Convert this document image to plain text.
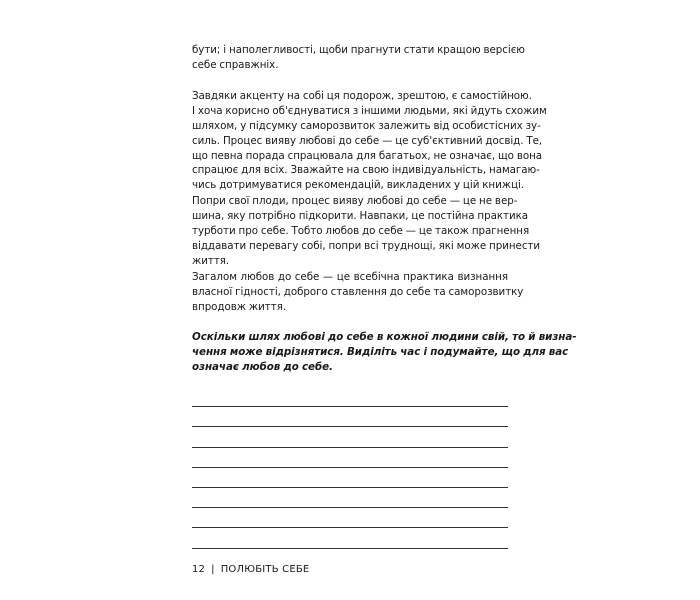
бути; і наполегливості, щоби прагнути стати кращою версією
себе справжніх.
Завдяки акценту на собі ця подорож, зрештою, є самостійною.
І хоча корисно об'єднуватися з іншими людьми, які йдуть схожим
шляхом, у підсумку саморозвиток залежить від особистісних зу-
силь. Процес вияву любові до себе — це суб'єктивний досвід. Те,
що певна порада спрацювала для багатьох, не означає, що вона
спрацює для всіх. Зважайте на свою індивідуальність, намагаю-
чись дотримуватися рекомендацій, викладених у цій книжці.
Попри свої плоди, процес вияву любові до себе — це не вер-
шина, яку потрібно підкорити. Навпаки, це постійна практика
турботи про себе. Тобто любов до себе — це також прагнення
віддавати перевагу собі, попри всі труднощі, які може принести
життя.
Загалом любов до себе — це всебічна практика визнання
власної гідності, доброго ставлення до себе та саморозвитку
впродовж життя.
Оскільки шлях любові до себе в кожної людини свій, то й визна-
чення може відрізнятися. Виділіть час і подумайте, що для вас
означає любов до себе.
12 | ПОЛЮБІТЬ СЕБЕ
